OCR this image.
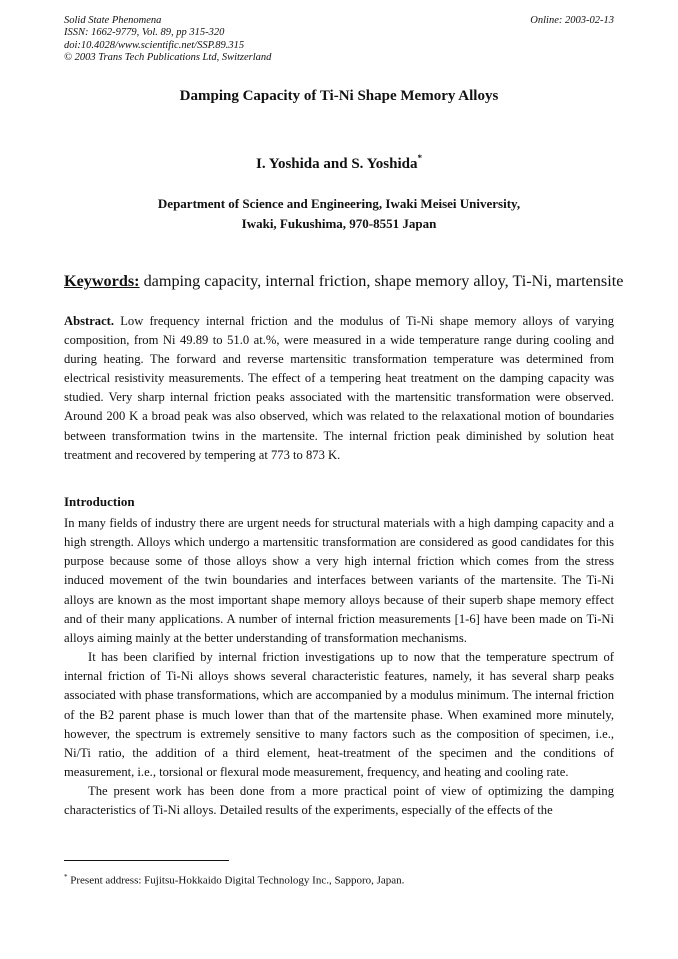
Solid State Phenomena
ISSN: 1662-9779, Vol. 89, pp 315-320
doi:10.4028/www.scientific.net/SSP.89.315
© 2003 Trans Tech Publications Ltd, Switzerland
Online: 2003-02-13
Damping Capacity of Ti-Ni Shape Memory Alloys
I. Yoshida and S. Yoshida*
Department of Science and Engineering, Iwaki Meisei University,
Iwaki, Fukushima, 970-8551 Japan
Keywords: damping capacity, internal friction, shape memory alloy, Ti-Ni, martensite
Abstract. Low frequency internal friction and the modulus of Ti-Ni shape memory alloys of varying composition, from Ni 49.89 to 51.0 at.%, were measured in a wide temperature range during cooling and during heating. The forward and reverse martensitic transformation temperature was determined from electrical resistivity measurements. The effect of a tempering heat treatment on the damping capacity was studied. Very sharp internal friction peaks associated with the martensitic transformation were observed. Around 200 K a broad peak was also observed, which was related to the relaxational motion of boundaries between transformation twins in the martensite. The internal friction peak diminished by solution heat treatment and recovered by tempering at 773 to 873 K.
Introduction

In many fields of industry there are urgent needs for structural materials with a high damping capacity and a high strength. Alloys which undergo a martensitic transformation are considered as good candidates for this purpose because some of those alloys show a very high internal friction which comes from the stress induced movement of the twin boundaries and interfaces between variants of the martensite. The Ti-Ni alloys are known as the most important shape memory alloys because of their superb shape memory effect and of their many applications. A number of internal friction measurements [1-6] have been made on Ti-Ni alloys aiming mainly at the better understanding of transformation mechanisms.

It has been clarified by internal friction investigations up to now that the temperature spectrum of internal friction of Ti-Ni alloys shows several characteristic features, namely, it has several sharp peaks associated with phase transformations, which are accompanied by a modulus minimum. The internal friction of the B2 parent phase is much lower than that of the martensite phase. When examined more minutely, however, the spectrum is extremely sensitive to many factors such as the composition of specimen, i.e., Ni/Ti ratio, the addition of a third element, heat-treatment of the specimen and the conditions of measurement, i.e., torsional or flexural mode measurement, frequency, and heating and cooling rate.

The present work has been done from a more practical point of view of optimizing the damping characteristics of Ti-Ni alloys. Detailed results of the experiments, especially of the effects of the

* Present address: Fujitsu-Hokkaido Digital Technology Inc., Sapporo, Japan.
